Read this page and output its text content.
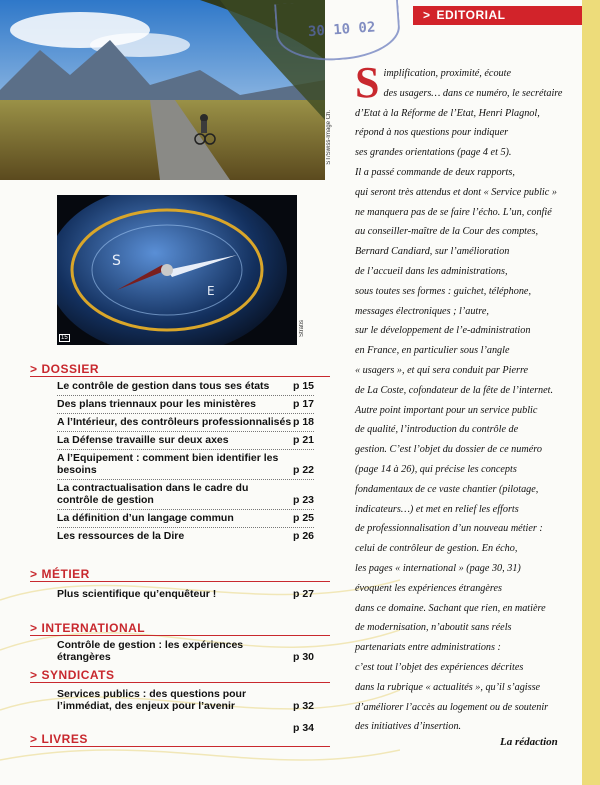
ST/Swiss-Image Ch.
S
E
15
Stratis
30 10 02
> EDITORIAL
> DOSSIER
Le contrôle de gestion dans tous ses états p 15
Des plans triennaux pour les ministères	p 17
A l’Intérieur, des contrôleurs professionnalisés p 18
La Défense travaille sur deux axes	p 21
A l’Equipement : comment bien identifier les besoins	p 22
La contractualisation dans le cadre du contrôle de gestion	p 23
La définition d’un langage commun	p 25
Les ressources de la Dire	p 26
> MÉTIER
Plus scientifique qu’enquêteur !	p 27
> INTERNATIONAL
Contrôle de gestion : les expériences étrangères	p 30
> SYNDICATS
Services publics : des questions pour l’immédiat, des enjeux pour l’avenir	p 32
> LIVRES
p 34
S implification, proximité, écoute

des usagers… dans ce numéro, le secrétaire

d’Etat à la Réforme de l’Etat, Henri Plagnol,

répond à nos questions pour indiquer

ses grandes orientations (page 4 et 5).

Il a passé commande de deux rapports,

qui seront très attendus et dont « Service public »

ne manquera pas de se faire l’écho. L’un, confié

au conseiller-maître de la Cour des comptes,

Bernard Candiard, sur l’amélioration

de l’accueil dans les administrations,

sous toutes ses formes : guichet, téléphone,

messages électroniques ; l’autre,

sur le développement de l’e-administration

en France, en particulier sous l’angle

« usagers », et qui sera conduit par Pierre

de La Coste, cofondateur de la fête de l’internet.

Autre point important pour un service public

de qualité, l’introduction du contrôle de

gestion. C’est l’objet du dossier de ce numéro

(page 14 à 26), qui précise les concepts

fondamentaux de ce vaste chantier (pilotage,

indicateurs…) et met en relief les efforts

de professionnalisation d’un nouveau métier :

celui de contrôleur de gestion. En écho,

les pages « international » (page 30, 31)

évoquent les expériences étrangères

dans ce domaine. Sachant que rien, en matière

de modernisation, n’aboutit sans réels

partenariats entre administrations :

c’est tout l’objet des expériences décrites

dans la rubrique « actualités », qu’il s’agisse

d’améliorer l’accès au logement ou de soutenir

des initiatives d’insertion.

La rédaction
